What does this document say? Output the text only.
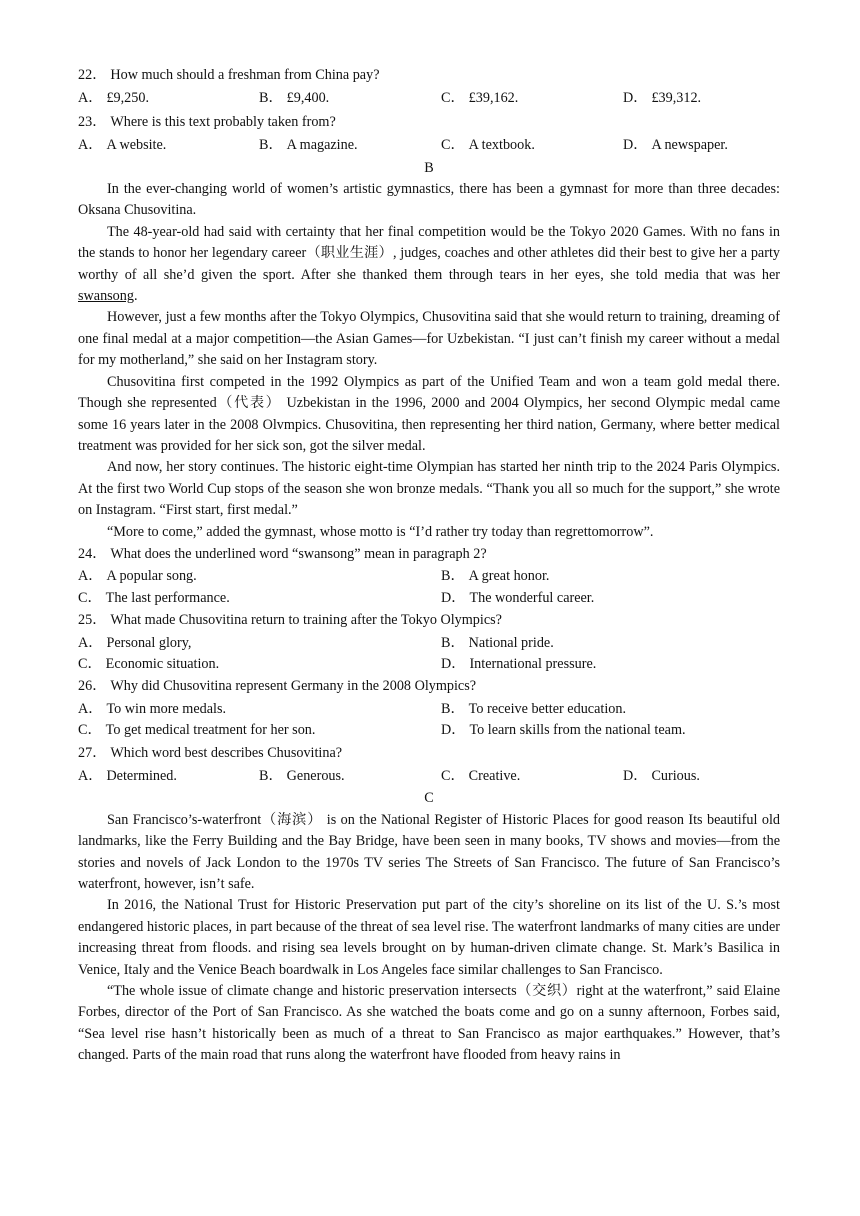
22． How much should a freshman from China pay?

A． £9,250.	B． £9,400.	C． £39,162.	D． £39,312.

23． Where is this text probably taken from?

A． A website.	B． A magazine.	C． A textbook.	D． A newspaper.

B

In the ever-changing world of women’s artistic gymnastics, there has been a gymnast for more than three decades: Oksana Chusovitina.

The 48-year-old had said with certainty that her final competition would be the Tokyo 2020 Games. With no fans in the stands to honor her legendary career（职业生涯）, judges, coaches and other athletes did their best to give her a party worthy of all she’d given the sport. After she thanked them through tears in her eyes, she told media that was her swansong.

However, just a few months after the Tokyo Olympics, Chusovitina said that she would return to training, dreaming of one final medal at a major competition—the Asian Games—for Uzbekistan. “I just can’t finish my career without a medal for my motherland,” she said on her Instagram story.

Chusovitina first competed in the 1992 Olympics as part of the Unified Team and won a team gold medal there. Though she represented（代表） Uzbekistan in the 1996, 2000 and 2004 Olympics, her second Olympic medal came some 16 years later in the 2008 Olvmpics. Chusovitina, then representing her third nation, Germany, where better medical treatment was provided for her sick son, got the silver medal.

And now, her story continues. The historic eight-time Olympian has started her ninth trip to the 2024 Paris Olympics. At the first two World Cup stops of the season she won bronze medals. “Thank you all so much for the support,” she wrote on Instagram. “First start, first medal.”

“More to come,” added the gymnast, whose motto is “I’d rather try today than regrettomorrow”.

24． What does the underlined word “swansong” mean in paragraph 2?

A． A popular song.	B． A great honor.
C． The last performance.	D． The wonderful career.

25． What made Chusovitina return to training after the Tokyo Olympics?

A． Personal glory,	B． National pride.
C． Economic situation.	D． International pressure.

26． Why did Chusovitina represent Germany in the 2008 Olympics?

A． To win more medals.	B． To receive better education.
C． To get medical treatment for her son.	D． To learn skills from the national team.

27． Which word best describes Chusovitina?

A． Determined.	B． Generous.	C． Creative.	D． Curious.

C

San Francisco’s-waterfront（海滨） is on the National Register of Historic Places for good reason Its beautiful old landmarks, like the Ferry Building and the Bay Bridge, have been seen in many books, TV shows and movies—from the stories and novels of Jack London to the 1970s TV series The Streets of San Francisco. The future of San Francisco’s waterfront, however, isn’t safe.

In 2016, the National Trust for Historic Preservation put part of the city’s shoreline on its list of the U. S.’s most endangered historic places, in part because of the threat of sea level rise. The waterfront landmarks of many cities are under increasing threat from floods. and rising sea levels brought on by human-driven climate change. St. Mark’s Basilica in Venice, Italy and the Venice Beach boardwalk in Los Angeles face similar challenges to San Francisco.

“The whole issue of climate change and historic preservation intersects（交织）right at the waterfront,” said Elaine Forbes, director of the Port of San Francisco. As she watched the boats come and go on a sunny afternoon, Forbes said, “Sea level rise hasn’t historically been as much of a threat to San Francisco as major earthquakes.” However, that’s changed. Parts of the main road that runs along the waterfront have flooded from heavy rains in
